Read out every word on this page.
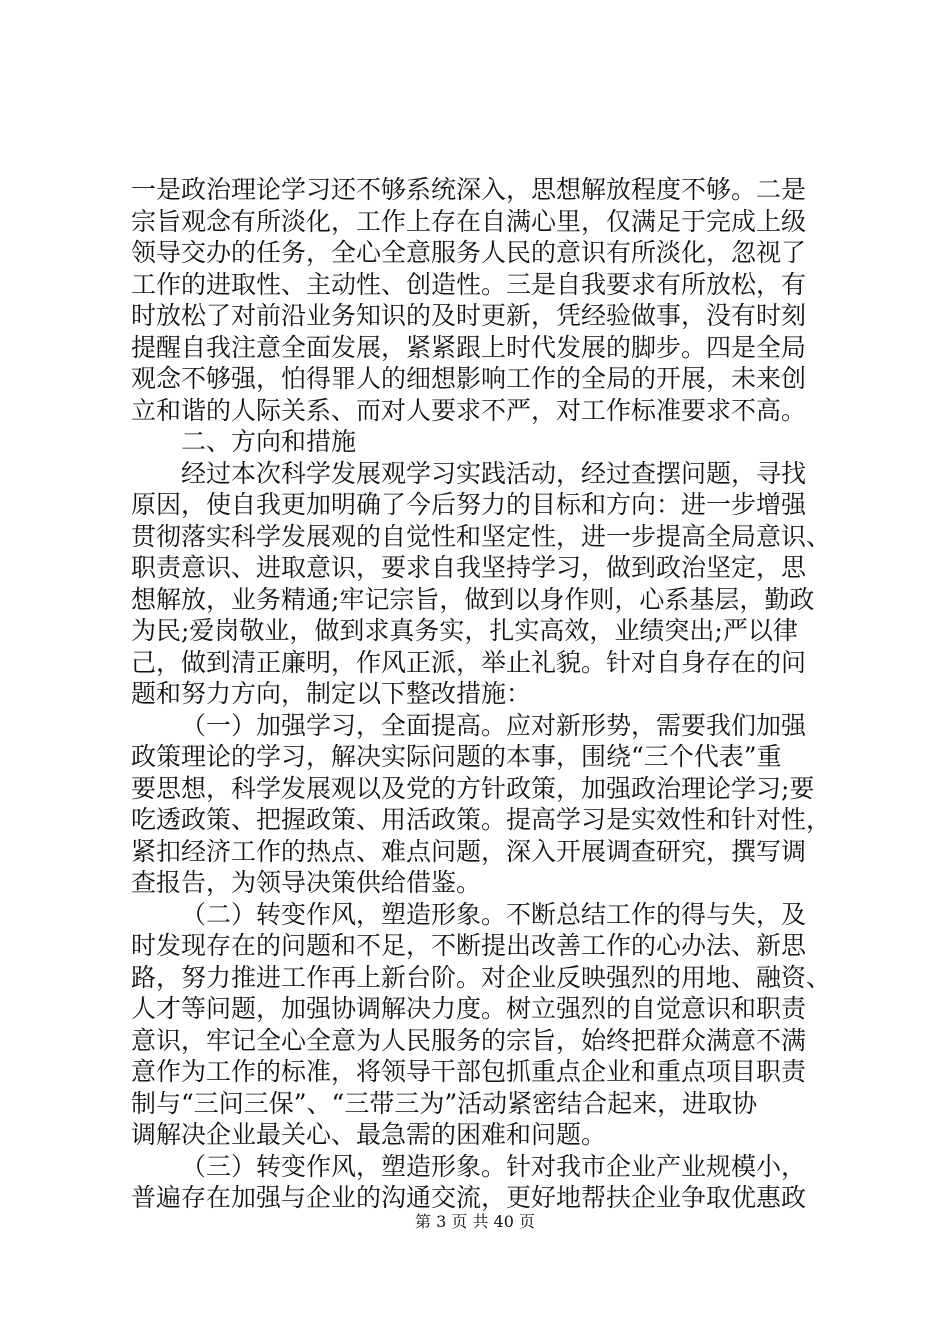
一是政治理论学习还不够系统深入，思想解放程度不够。二是
宗旨观念有所淡化，工作上存在自满心里，仅满足于完成上级
领导交办的任务，全心全意服务人民的意识有所淡化，忽视了
工作的进取性、主动性、创造性。三是自我要求有所放松，有
时放松了对前沿业务知识的及时更新，凭经验做事，没有时刻
提醒自我注意全面发展，紧紧跟上时代发展的脚步。四是全局
观念不够强，怕得罪人的细想影响工作的全局的开展，未来创
立和谐的人际关系、而对人要求不严，对工作标准要求不高。
二、方向和措施
经过本次科学发展观学习实践活动，经过查摆问题，寻找
原因，使自我更加明确了今后努力的目标和方向：进一步增强
贯彻落实科学发展观的自觉性和坚定性，进一步提高全局意识、
职责意识、进取意识，要求自我坚持学习，做到政治坚定，思
想解放，业务精通;牢记宗旨，做到以身作则，心系基层，勤政
为民;爱岗敬业，做到求真务实，扎实高效，业绩突出;严以律
己，做到清正廉明，作风正派，举止礼貌。针对自身存在的问
题和努力方向，制定以下整改措施：
（一）加强学习，全面提高。应对新形势，需要我们加强
政策理论的学习，解决实际问题的本事，围绕“三个代表”重
要思想，科学发展观以及党的方针政策，加强政治理论学习;要
吃透政策、把握政策、用活政策。提高学习是实效性和针对性，
紧扣经济工作的热点、难点问题，深入开展调查研究，撰写调
查报告，为领导决策供给借鉴。
（二）转变作风，塑造形象。不断总结工作的得与失，及
时发现存在的问题和不足，不断提出改善工作的心办法、新思
路，努力推进工作再上新台阶。对企业反映强烈的用地、融资、
人才等问题，加强协调解决力度。树立强烈的自觉意识和职责
意识，牢记全心全意为人民服务的宗旨，始终把群众满意不满
意作为工作的标准，将领导干部包抓重点企业和重点项目职责
制与“三问三保”、“三带三为”活动紧密结合起来，进取协
调解决企业最关心、最急需的困难和问题。
（三）转变作风，塑造形象。针对我市企业产业规模小，
普遍存在加强与企业的沟通交流，更好地帮扶企业争取优惠政
第 3 页 共 40 页
